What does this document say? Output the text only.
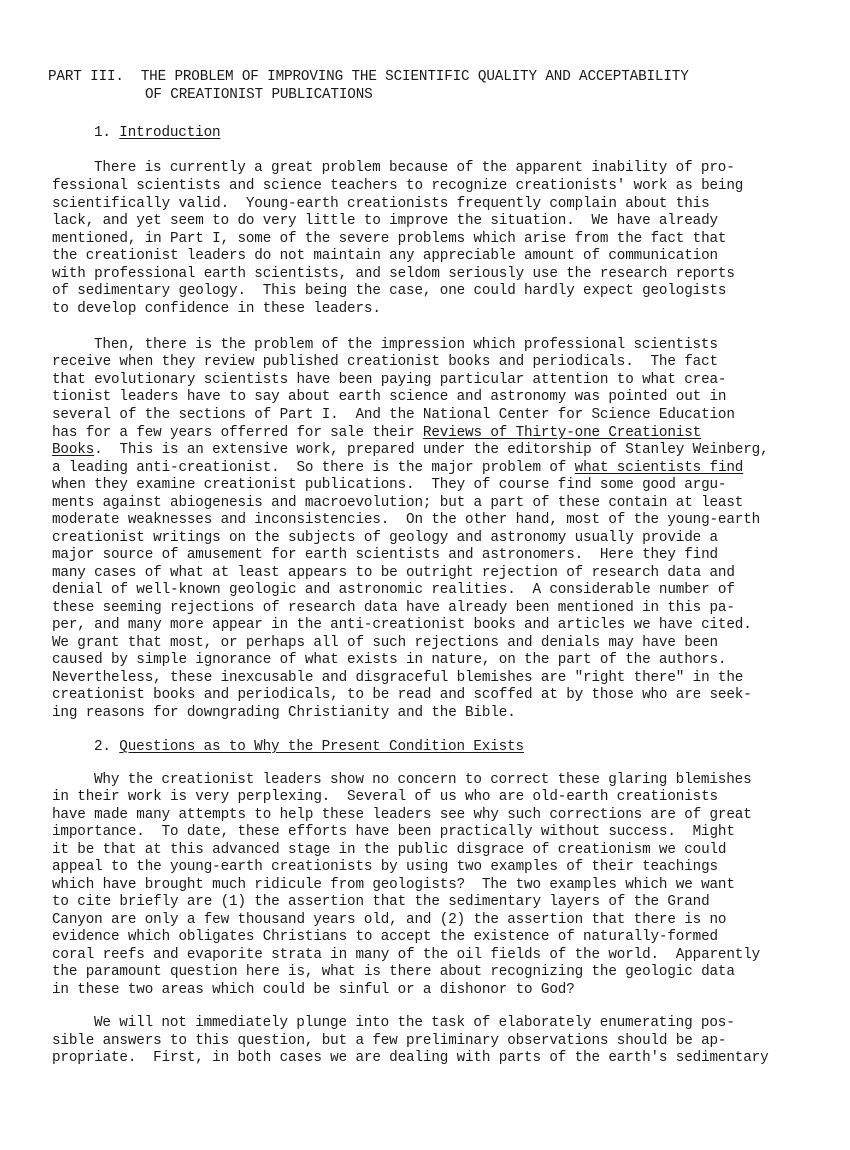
PART III.  THE PROBLEM OF IMPROVING THE SCIENTIFIC QUALITY AND ACCEPTABILITY
OF CREATIONIST PUBLICATIONS
1. Introduction
There is currently a great problem because of the apparent inability of pro-
fessional scientists and science teachers to recognize creationists' work as being
scientifically valid.  Young-earth creationists frequently complain about this
lack, and yet seem to do very little to improve the situation.  We have already
mentioned, in Part I, some of the severe problems which arise from the fact that
the creationist leaders do not maintain any appreciable amount of communication
with professional earth scientists, and seldom seriously use the research reports
of sedimentary geology.  This being the case, one could hardly expect geologists
to develop confidence in these leaders.
Then, there is the problem of the impression which professional scientists
receive when they review published creationist books and periodicals.  The fact
that evolutionary scientists have been paying particular attention to what crea-
tionist leaders have to say about earth science and astronomy was pointed out in
several of the sections of Part I.  And the National Center for Science Education
has for a few years offerred for sale their Reviews of Thirty-one Creationist
Books.  This is an extensive work, prepared under the editorship of Stanley Weinberg,
a leading anti-creationist.  So there is the major problem of what scientists find
when they examine creationist publications.  They of course find some good argu-
ments against abiogenesis and macroevolution; but a part of these contain at least
moderate weaknesses and inconsistencies.  On the other hand, most of the young-earth
creationist writings on the subjects of geology and astronomy usually provide a
major source of amusement for earth scientists and astronomers.  Here they find
many cases of what at least appears to be outright rejection of research data and
denial of well-known geologic and astronomic realities.  A considerable number of
these seeming rejections of research data have already been mentioned in this pa-
per, and many more appear in the anti-creationist books and articles we have cited.
We grant that most, or perhaps all of such rejections and denials may have been
caused by simple ignorance of what exists in nature, on the part of the authors.
Nevertheless, these inexcusable and disgraceful blemishes are "right there" in the
creationist books and periodicals, to be read and scoffed at by those who are seek-
ing reasons for downgrading Christianity and the Bible.
2. Questions as to Why the Present Condition Exists
Why the creationist leaders show no concern to correct these glaring blemishes
in their work is very perplexing.  Several of us who are old-earth creationists
have made many attempts to help these leaders see why such corrections are of great
importance.  To date, these efforts have been practically without success.  Might
it be that at this advanced stage in the public disgrace of creationism we could
appeal to the young-earth creationists by using two examples of their teachings
which have brought much ridicule from geologists?  The two examples which we want
to cite briefly are (1) the assertion that the sedimentary layers of the Grand
Canyon are only a few thousand years old, and (2) the assertion that there is no
evidence which obligates Christians to accept the existence of naturally-formed
coral reefs and evaporite strata in many of the oil fields of the world.  Apparently
the paramount question here is, what is there about recognizing the geologic data
in these two areas which could be sinful or a dishonor to God?
We will not immediately plunge into the task of elaborately enumerating pos-
sible answers to this question, but a few preliminary observations should be ap-
propriate.  First, in both cases we are dealing with parts of the earth's sedimentary
